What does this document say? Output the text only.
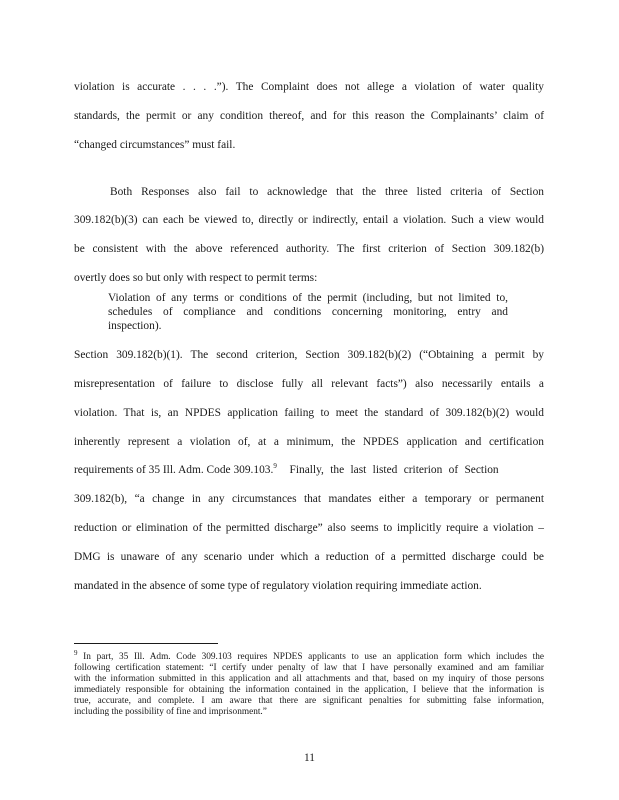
violation is accurate . . . .”). The Complaint does not allege a violation of water quality
standards, the permit or any condition thereof, and for this reason the Complainants’ claim of
“changed circumstances” must fail.
Both Responses also fail to acknowledge that the three listed criteria of Section
309.182(b)(3) can each be viewed to, directly or indirectly, entail a violation. Such a view would
be consistent with the above referenced authority. The first criterion of Section 309.182(b)
overtly does so but only with respect to permit terms:
Violation of any terms or conditions of the permit (including, but not limited to,
schedules of compliance and conditions concerning monitoring, entry and
inspection).
Section 309.182(b)(1). The second criterion, Section 309.182(b)(2) (“Obtaining a permit by
misrepresentation of failure to disclose fully all relevant facts”) also necessarily entails a
violation. That is, an NPDES application failing to meet the standard of 309.182(b)(2) would
inherently represent a violation of, at a minimum, the NPDES application and certification
requirements of 35 Ill. Adm. Code 309.103.$^9$  Finally, the last listed criterion of Section
309.182(b), “a change in any circumstances that mandates either a temporary or permanent
reduction or elimination of the permitted discharge” also seems to implicitly require a violation –
DMG is unaware of any scenario under which a reduction of a permitted discharge could be
mandated in the absence of some type of regulatory violation requiring immediate action.
$^9$ In part, 35 Ill. Adm. Code 309.103 requires NPDES applicants to use an application form which includes the
following certification statement: “I certify under penalty of law that I have personally examined and am familiar
with the information submitted in this application and all attachments and that, based on my inquiry of those persons
immediately responsible for obtaining the information contained in the application, I believe that the information is
true, accurate, and complete. I am aware that there are significant penalties for submitting false information,
including the possibility of fine and imprisonment.”
11
